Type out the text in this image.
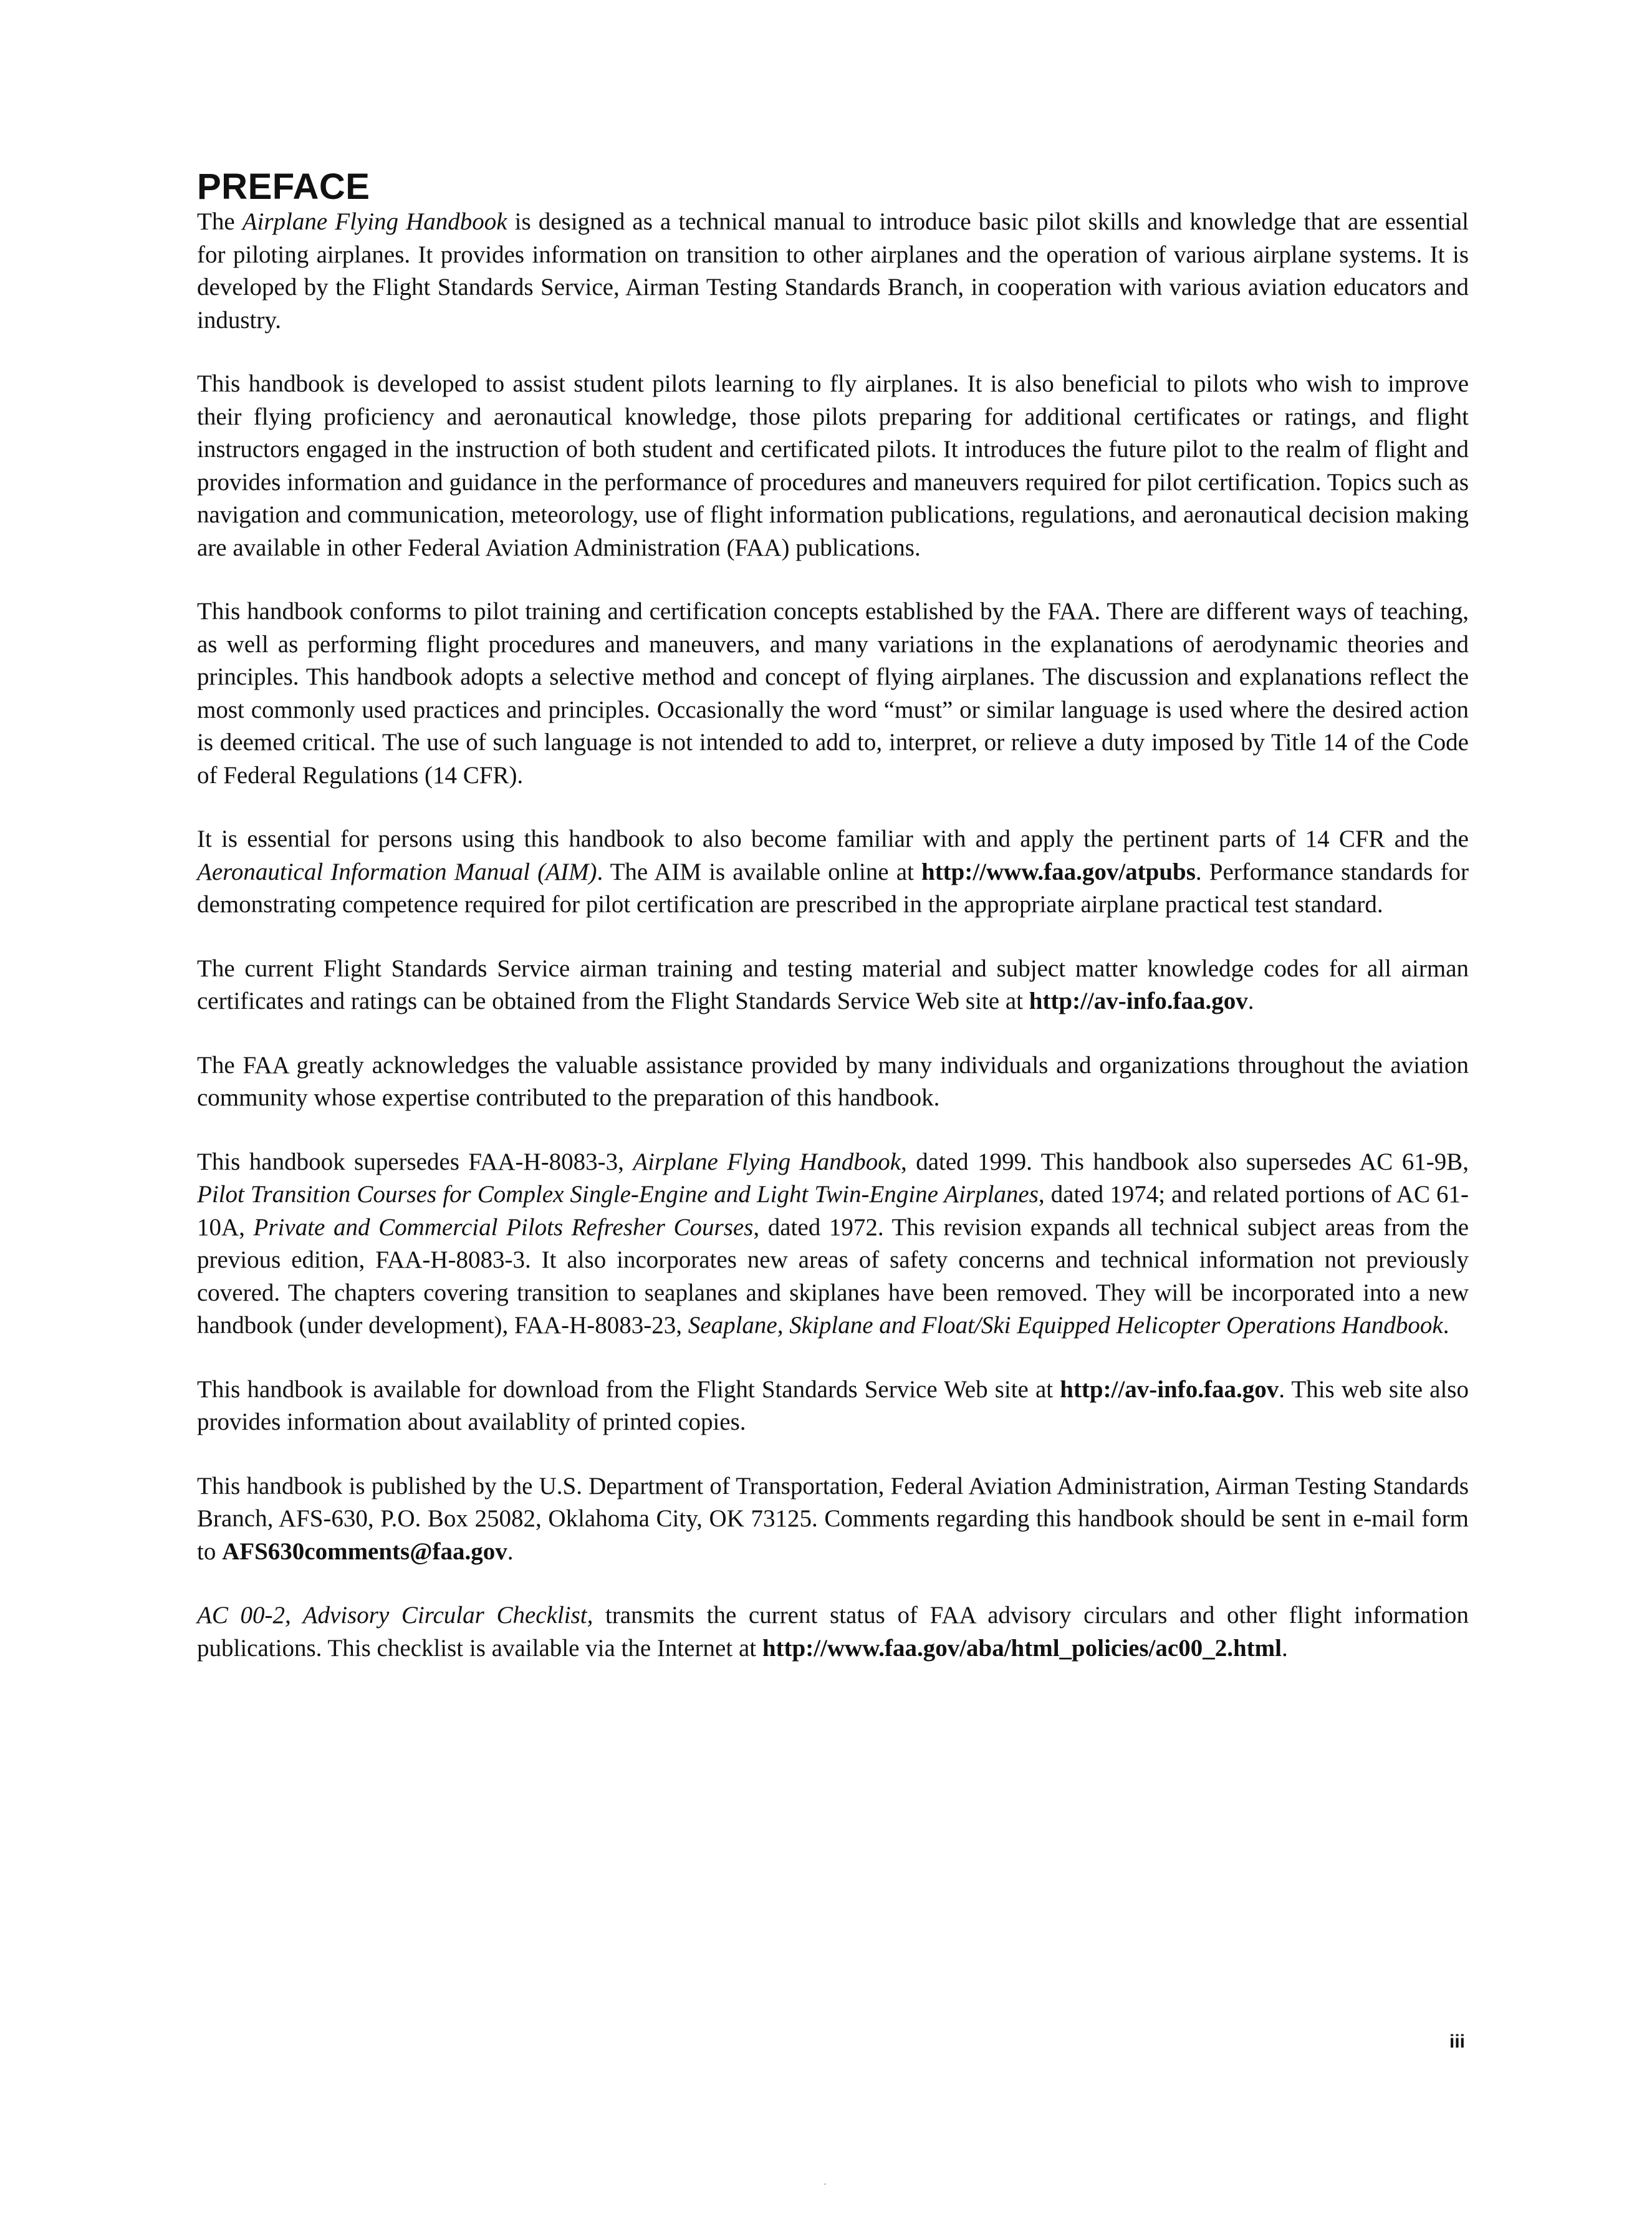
PREFACE

The Airplane Flying Handbook is designed as a technical manual to introduce basic pilot skills and knowledge that are essential for piloting airplanes. It provides information on transition to other airplanes and the operation of various airplane systems. It is developed by the Flight Standards Service, Airman Testing Standards Branch, in cooperation with various aviation educators and industry.

This handbook is developed to assist student pilots learning to fly airplanes. It is also beneficial to pilots who wish to improve their flying proficiency and aeronautical knowledge, those pilots preparing for additional certificates or ratings, and flight instructors engaged in the instruction of both student and certificated pilots. It introduces the future pilot to the realm of flight and provides information and guidance in the performance of procedures and maneuvers required for pilot certification. Topics such as navigation and communication, meteorology, use of flight information publications, regulations, and aeronautical decision making are available in other Federal Aviation Administration (FAA) publications.

This handbook conforms to pilot training and certification concepts established by the FAA. There are different ways of teaching, as well as performing flight procedures and maneuvers, and many variations in the explanations of aerodynamic theories and principles. This handbook adopts a selective method and concept of flying airplanes. The discussion and explanations reflect the most commonly used practices and principles. Occasionally the word “must” or similar language is used where the desired action is deemed critical. The use of such language is not intended to add to, interpret, or relieve a duty imposed by Title 14 of the Code of Federal Regulations (14 CFR).

It is essential for persons using this handbook to also become familiar with and apply the pertinent parts of 14 CFR and the Aeronautical Information Manual (AIM). The AIM is available online at http://www.faa.gov/atpubs. Performance standards for demonstrating competence required for pilot certification are prescribed in the appropriate airplane practical test standard.

The current Flight Standards Service airman training and testing material and subject matter knowledge codes for all airman certificates and ratings can be obtained from the Flight Standards Service Web site at http://av-info.faa.gov.

The FAA greatly acknowledges the valuable assistance provided by many individuals and organizations throughout the aviation community whose expertise contributed to the preparation of this handbook.

This handbook supersedes FAA-H-8083-3, Airplane Flying Handbook, dated 1999. This handbook also supersedes AC 61-9B, Pilot Transition Courses for Complex Single-Engine and Light Twin-Engine Airplanes, dated 1974; and related portions of AC 61-10A, Private and Commercial Pilots Refresher Courses, dated 1972. This revision expands all technical subject areas from the previous edition, FAA-H-8083-3. It also incorporates new areas of safety concerns and technical information not previously covered. The chapters covering transition to seaplanes and skiplanes have been removed. They will be incorporated into a new handbook (under development), FAA-H-8083-23, Seaplane, Skiplane and Float/Ski Equipped Helicopter Operations Handbook.

This handbook is available for download from the Flight Standards Service Web site at http://av-info.faa.gov. This web site also provides information about availablity of printed copies.

This handbook is published by the U.S. Department of Transportation, Federal Aviation Administration, Airman Testing Standards Branch, AFS-630, P.O. Box 25082, Oklahoma City, OK 73125. Comments regarding this handbook should be sent in e-mail form to AFS630comments@faa.gov.

AC 00-2, Advisory Circular Checklist, transmits the current status of FAA advisory circulars and other flight information publications. This checklist is available via the Internet at http://www.faa.gov/aba/html_policies/ac00_2.html.

iii
